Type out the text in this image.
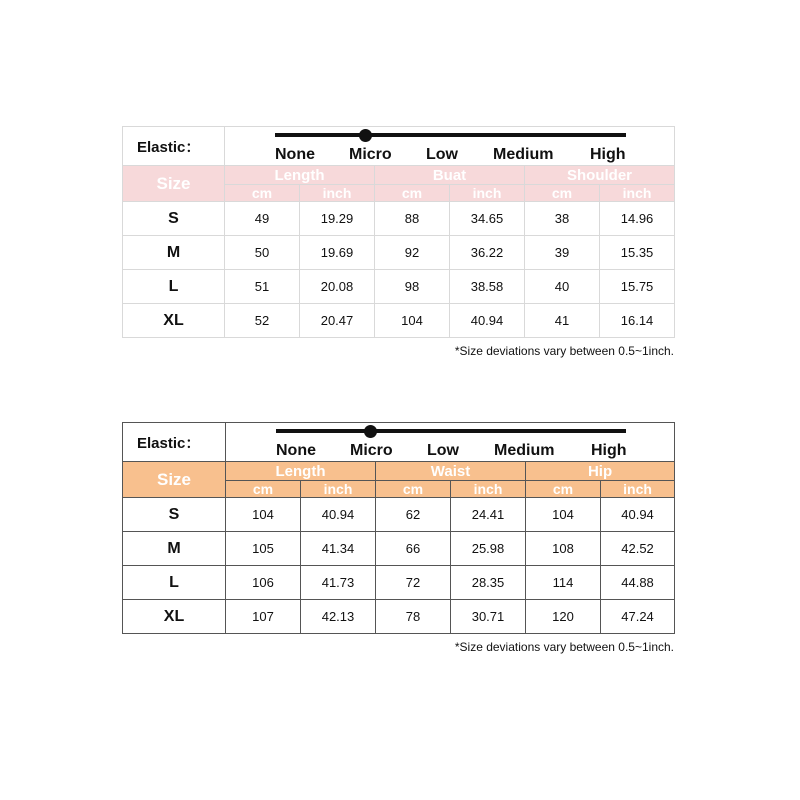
Elastic：	None Micro Low Medium High					

Size	Length		Buat		Shoulder	
	cm	inch	cm	inch	cm	inch
S	49	19.29	88	34.65	38	14.96
M	50	19.69	92	36.22	39	15.35
L	51	20.08	98	38.58	40	15.75
XL	52	20.47	104	40.94	41	16.14
*Size deviations vary between 0.5~1inch.
Elastic：	None Micro Low Medium High					

Size	Length		Waist		Hip	
	cm	inch	cm	inch	cm	inch
S	104	40.94	62	24.41	104	40.94
M	105	41.34	66	25.98	108	42.52
L	106	41.73	72	28.35	114	44.88
XL	107	42.13	78	30.71	120	47.24
*Size deviations vary between 0.5~1inch.
